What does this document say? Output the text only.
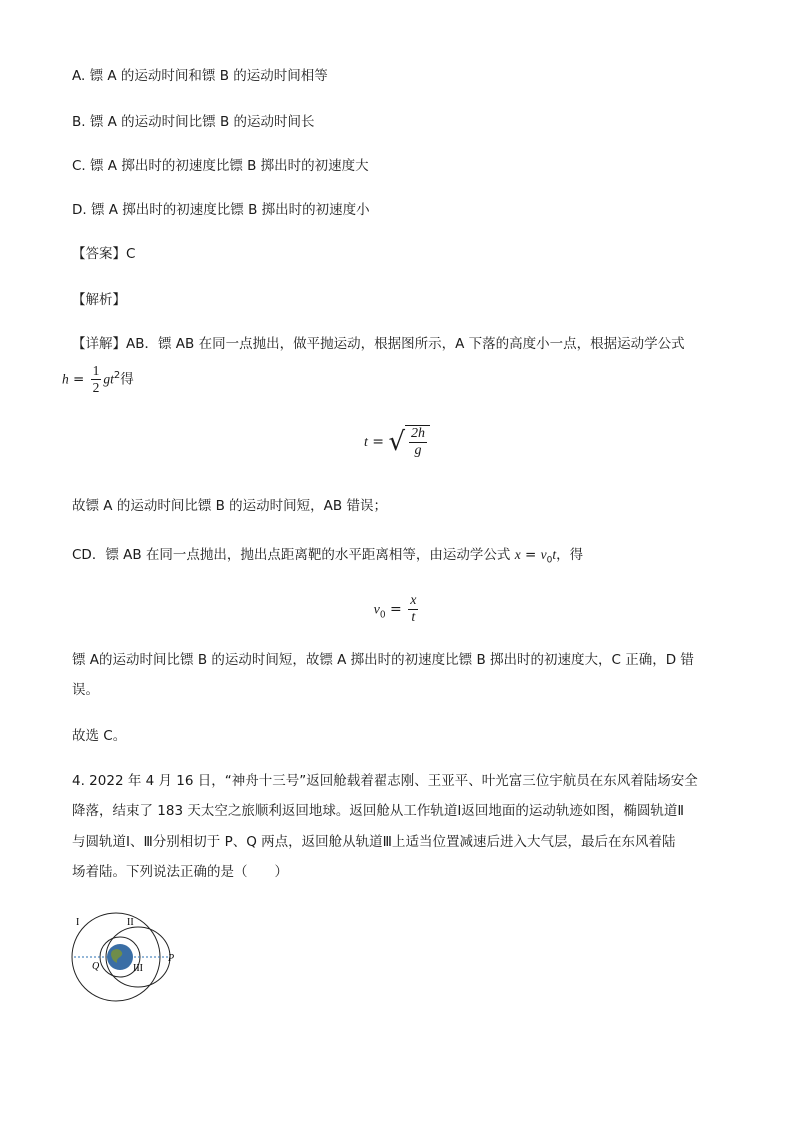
A. 镖 A 的运动时间和镖 B 的运动时间相等
B. 镖 A 的运动时间比镖 B 的运动时间长
C. 镖 A 掷出时的初速度比镖 B 掷出时的初速度大
D. 镖 A 掷出时的初速度比镖 B 掷出时的初速度小
【答案】C
【解析】
【详解】AB．镖 AB 在同一点抛出，做平抛运动，根据图所示，A 下落的高度小一点，根据运动学公式
$h = \frac{1}{2} gt^2$得
t = √ $\frac{2h}{g}$
故镖 A 的运动时间比镖 B 的运动时间短，AB 错误；
CD．镖 AB 在同一点抛出，抛出点距离靶的水平距离相等，由运动学公式 $x = v_0t$，得
$v_0 = \frac{x}{t}$
镖 A的运动时间比镖 B 的运动时间短，故镖 A 掷出时的初速度比镖 B 掷出时的初速度大，C 正确，D 错
误。
故选 C。
4. 2022 年 4 月 16 日，“神舟十三号”返回舱载着翟志刚、王亚平、叶光富三位宇航员在东风着陆场安全
降落，结束了 183 天太空之旅顺利返回地球。返回舱从工作轨道Ⅰ返回地面的运动轨迹如图，椭圆轨道Ⅱ
与圆轨道Ⅰ、Ⅲ分别相切于 P、Q 两点，返回舱从轨道Ⅲ上适当位置减速后进入大气层，最后在东风着陆
场着陆。下列说法正确的是（　　）
I	II
III
P
Q
